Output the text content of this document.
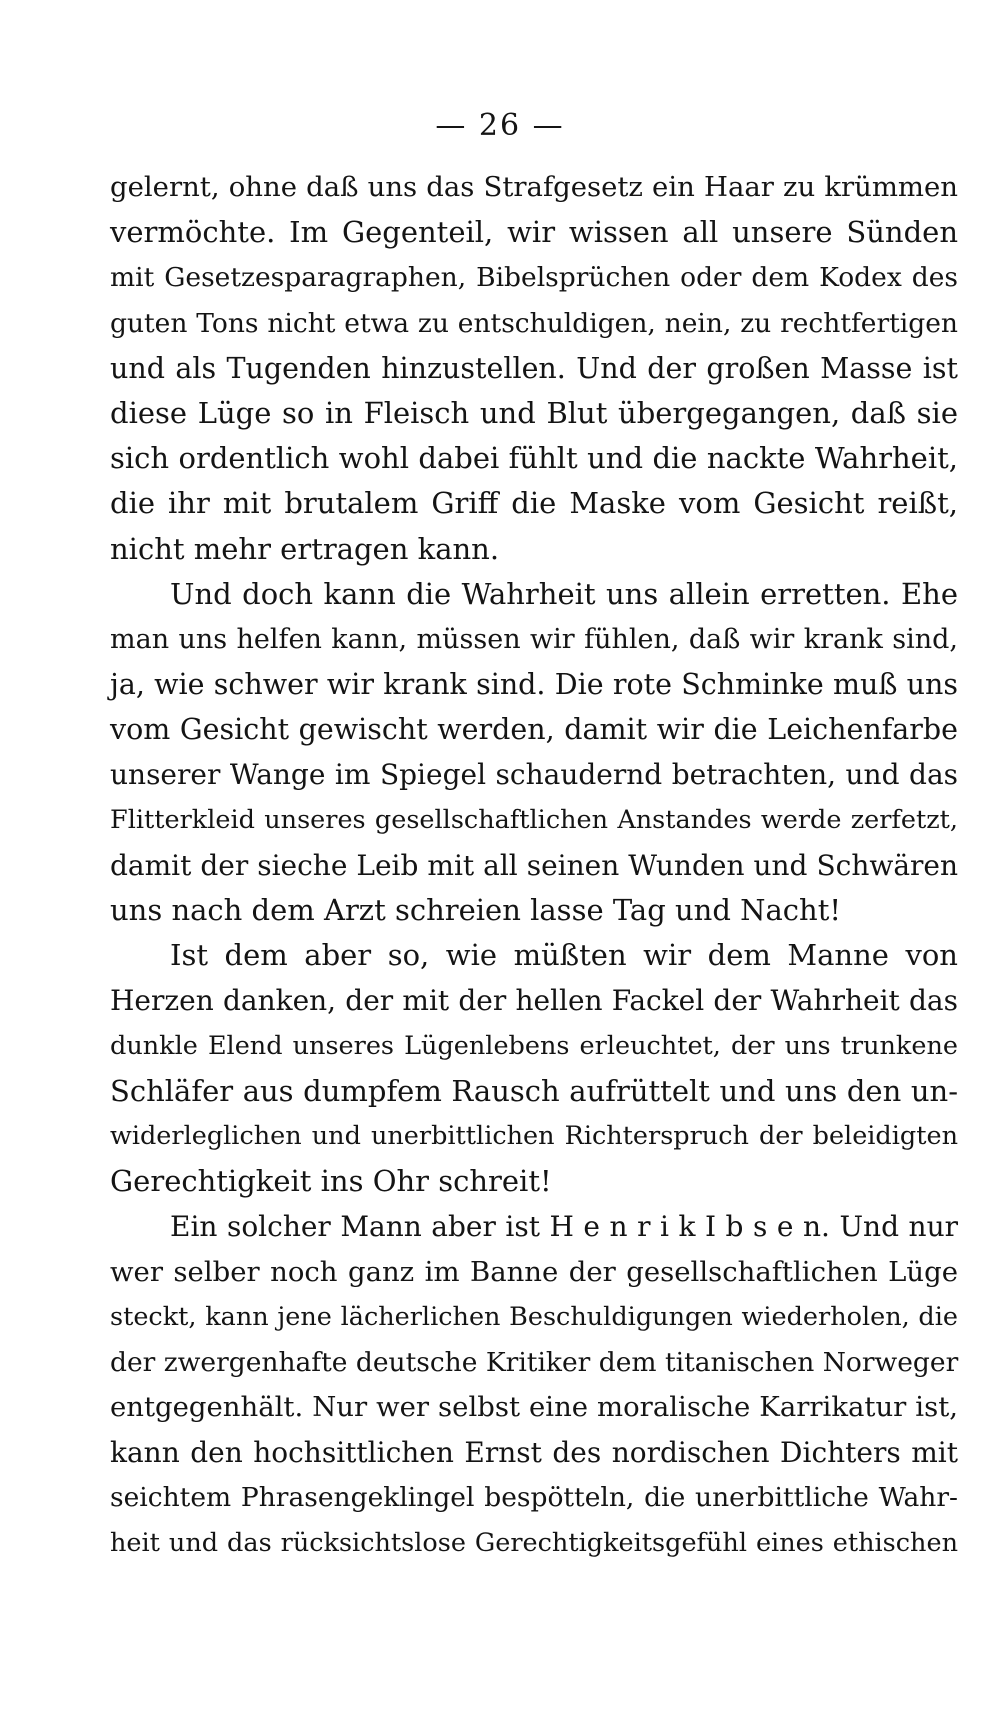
— 26 —
gelernt, ohne daß uns das Strafgesetz ein Haar zu krümmen
vermöchte. Im Gegenteil, wir wissen all unsere Sünden
mit Gesetzesparagraphen, Bibelsprüchen oder dem Kodex des
guten Tons nicht etwa zu entschuldigen, nein, zu rechtfertigen
und als Tugenden hinzustellen. Und der großen Masse ist
diese Lüge so in Fleisch und Blut übergegangen, daß sie
sich ordentlich wohl dabei fühlt und die nackte Wahrheit,
die ihr mit brutalem Griff die Maske vom Gesicht reißt,
nicht mehr ertragen kann.
Und doch kann die Wahrheit uns allein erretten. Ehe
man uns helfen kann, müssen wir fühlen, daß wir krank sind,
ja, wie schwer wir krank sind. Die rote Schminke muß uns
vom Gesicht gewischt werden, damit wir die Leichenfarbe
unserer Wange im Spiegel schaudernd betrachten, und das
Flitterkleid unseres gesellschaftlichen Anstandes werde zerfetzt,
damit der sieche Leib mit all seinen Wunden und Schwären
uns nach dem Arzt schreien lasse Tag und Nacht!
Ist dem aber so, wie müßten wir dem Manne von
Herzen danken, der mit der hellen Fackel der Wahrheit das
dunkle Elend unseres Lügenlebens erleuchtet, der uns trunkene
Schläfer aus dumpfem Rausch aufrüttelt und uns den un-
widerleglichen und unerbittlichen Richterspruch der beleidigten
Gerechtigkeit ins Ohr schreit!
Ein solcher Mann aber ist H e n r i k I b s e n. Und nur
wer selber noch ganz im Banne der gesellschaftlichen Lüge
steckt, kann jene lächerlichen Beschuldigungen wiederholen, die
der zwergenhafte deutsche Kritiker dem titanischen Norweger
entgegenhält. Nur wer selbst eine moralische Karrikatur ist,
kann den hochsittlichen Ernst des nordischen Dichters mit
seichtem Phrasengeklingel bespötteln, die unerbittliche Wahr-
heit und das rücksichtslose Gerechtigkeitsgefühl eines ethischen
